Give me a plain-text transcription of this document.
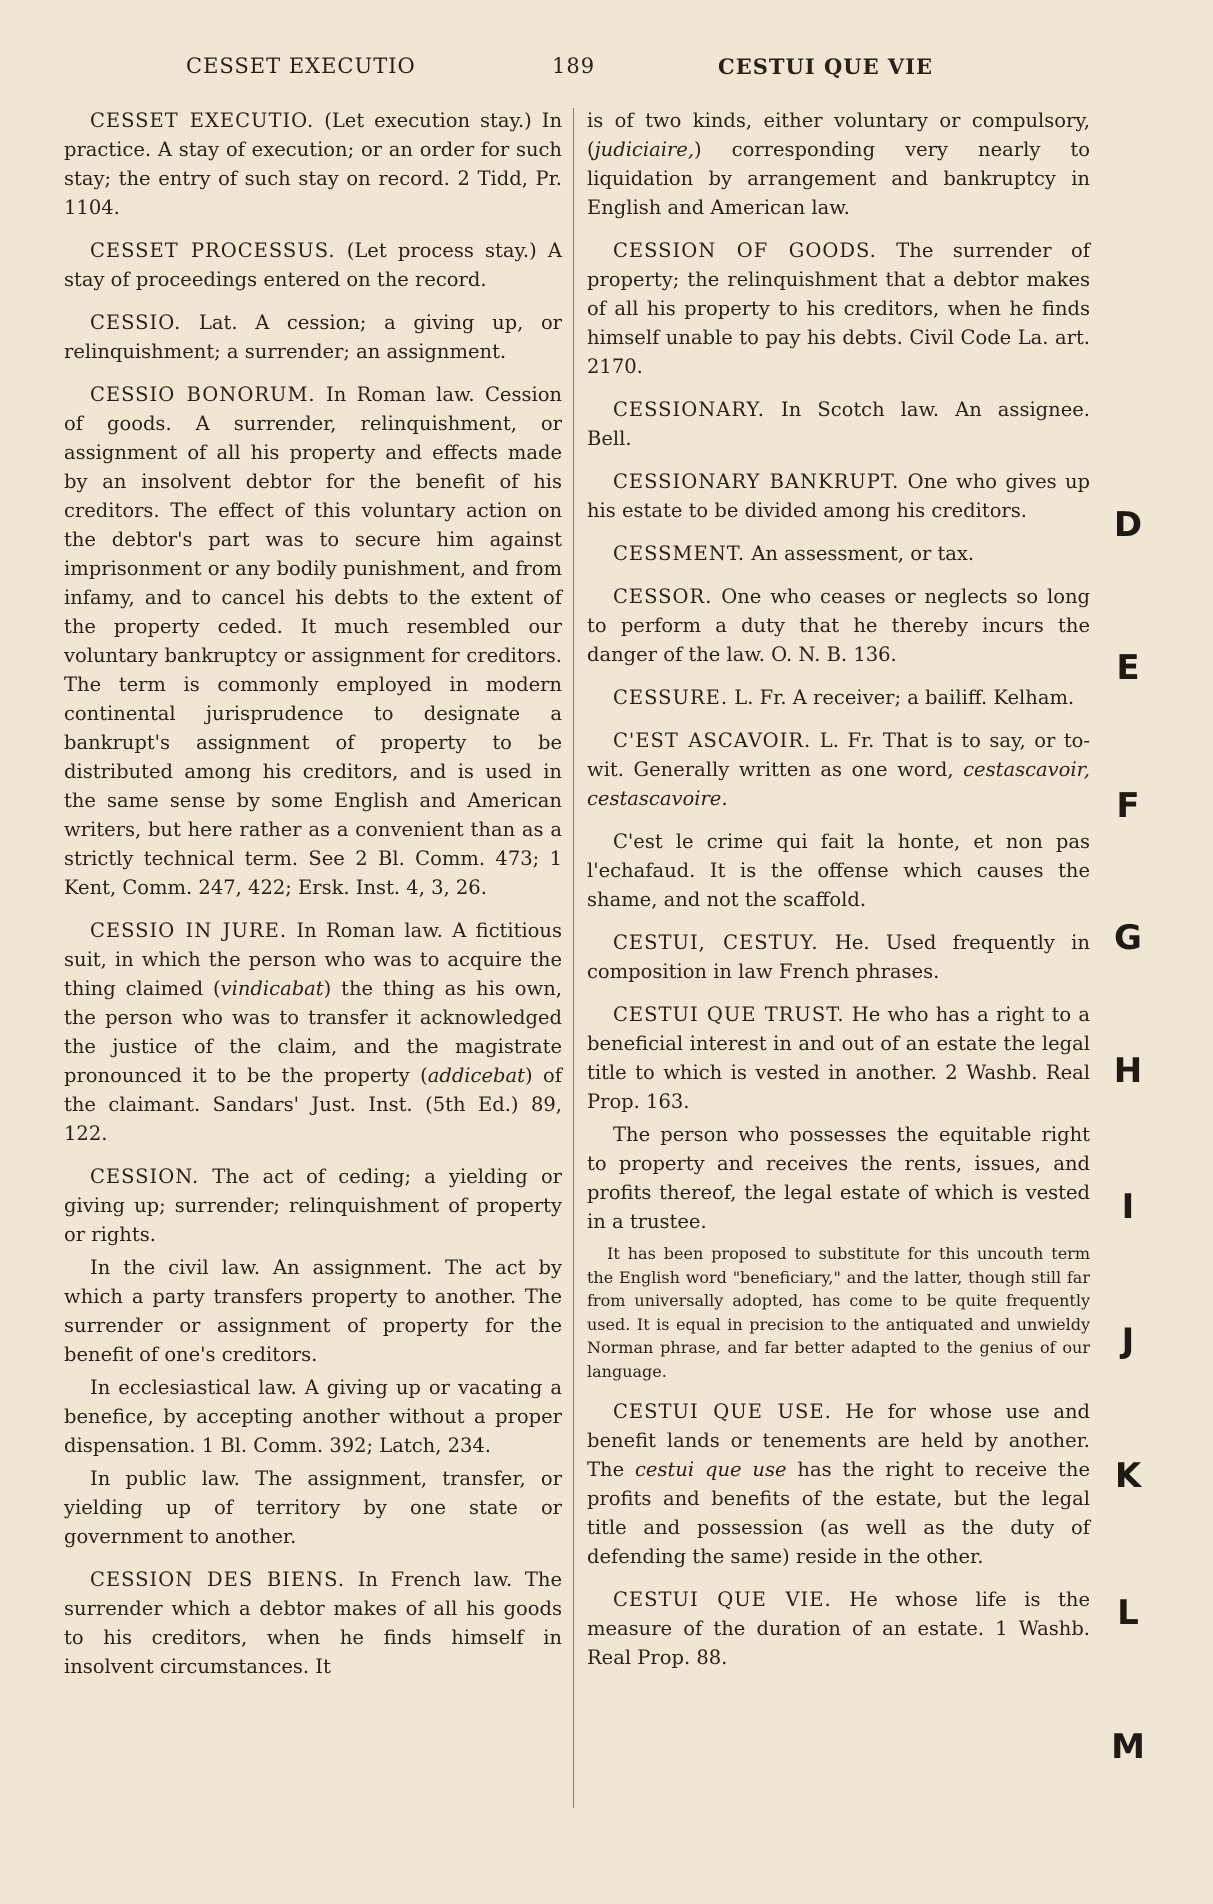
CESSET EXECUTIO	189	CESTUI QUE VIE

CESSET EXECUTIO. (Let execution stay.) In practice. A stay of execution; or an order for such stay; the entry of such stay on record. 2 Tidd, Pr. 1104.

CESSET PROCESSUS. (Let process stay.) A stay of proceedings entered on the record.

CESSIO. Lat. A cession; a giving up, or relinquishment; a surrender; an assignment.

CESSIO BONORUM. In Roman law. Cession of goods. A surrender, relinquishment, or assignment of all his property and effects made by an insolvent debtor for the benefit of his creditors. The effect of this voluntary action on the debtor's part was to secure him against imprisonment or any bodily punishment, and from infamy, and to cancel his debts to the extent of the property ceded. It much resembled our voluntary bankruptcy or assignment for creditors. The term is commonly employed in modern continental jurisprudence to designate a bankrupt's assignment of property to be distributed among his creditors, and is used in the same sense by some English and American writers, but here rather as a convenient than as a strictly technical term. See 2 Bl. Comm. 473; 1 Kent, Comm. 247, 422; Ersk. Inst. 4, 3, 26.

CESSIO IN JURE. In Roman law. A fictitious suit, in which the person who was to acquire the thing claimed (vindicabat) the thing as his own, the person who was to transfer it acknowledged the justice of the claim, and the magistrate pronounced it to be the property (addicebat) of the claimant. Sandars' Just. Inst. (5th Ed.) 89, 122.

CESSION. The act of ceding; a yielding or giving up; surrender; relinquishment of property or rights.

In the civil law. An assignment. The act by which a party transfers property to another. The surrender or assignment of property for the benefit of one's creditors.

In ecclesiastical law. A giving up or vacating a benefice, by accepting another without a proper dispensation. 1 Bl. Comm. 392; Latch, 234.

In public law. The assignment, transfer, or yielding up of territory by one state or government to another.

CESSION DES BIENS. In French law. The surrender which a debtor makes of all his goods to his creditors, when he finds himself in insolvent circumstances. It

is of two kinds, either voluntary or compulsory, (judiciaire,) corresponding very nearly to liquidation by arrangement and bankruptcy in English and American law.

CESSION OF GOODS. The surrender of property; the relinquishment that a debtor makes of all his property to his creditors, when he finds himself unable to pay his debts. Civil Code La. art. 2170.

CESSIONARY. In Scotch law. An assignee. Bell.

CESSIONARY BANKRUPT. One who gives up his estate to be divided among his creditors.

CESSMENT. An assessment, or tax.

CESSOR. One who ceases or neglects so long to perform a duty that he thereby incurs the danger of the law. O. N. B. 136.

CESSURE. L. Fr. A receiver; a bailiff. Kelham.

C'EST ASCAVOIR. L. Fr. That is to say, or to-wit. Generally written as one word, cestascavoir, cestascavoire.

C'est le crime qui fait la honte, et non pas l'echafaud. It is the offense which causes the shame, and not the scaffold.

CESTUI, CESTUY. He. Used frequently in composition in law French phrases.

CESTUI QUE TRUST. He who has a right to a beneficial interest in and out of an estate the legal title to which is vested in another. 2 Washb. Real Prop. 163.

The person who possesses the equitable right to property and receives the rents, issues, and profits thereof, the legal estate of which is vested in a trustee.

It has been proposed to substitute for this uncouth term the English word "beneficiary," and the latter, though still far from universally adopted, has come to be quite frequently used. It is equal in precision to the antiquated and unwieldy Norman phrase, and far better adapted to the genius of our language.

CESTUI QUE USE. He for whose use and benefit lands or tenements are held by another. The cestui que use has the right to receive the profits and benefits of the estate, but the legal title and possession (as well as the duty of defending the same) reside in the other.

CESTUI QUE VIE. He whose life is the measure of the duration of an estate. 1 Washb. Real Prop. 88.

D
E
F
G
H
I
J
K
L
M
